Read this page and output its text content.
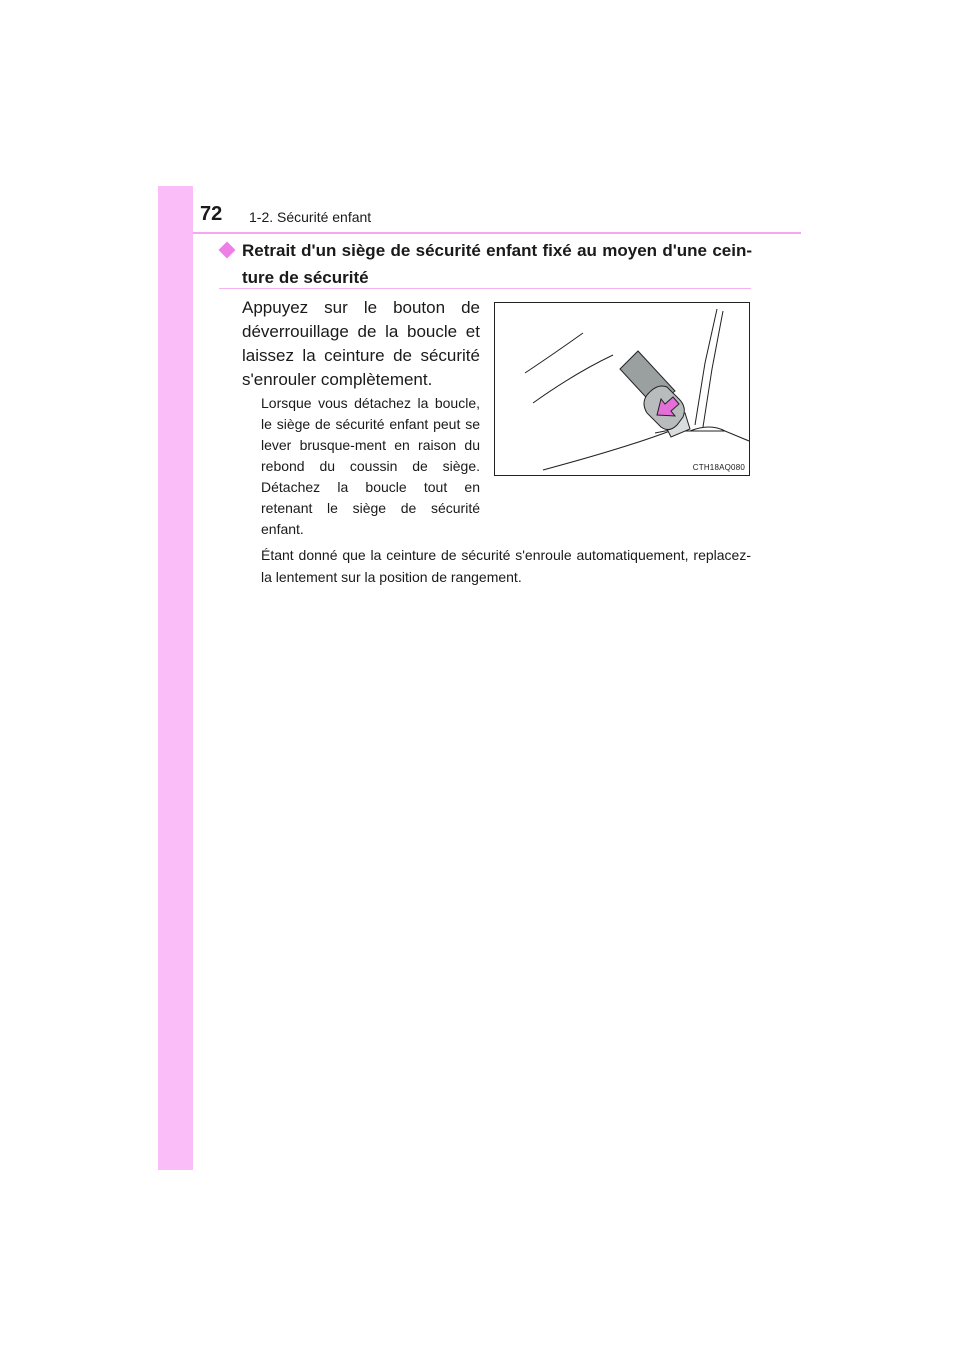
72 1-2. Sécurité enfant
Retrait d'un siège de sécurité enfant fixé au moyen d'une cein-ture de sécurité
Appuyez sur le bouton de déverrouillage de la boucle et laissez la ceinture de sécurité s'enrouler complètement.
Lorsque vous détachez la boucle, le siège de sécurité enfant peut se lever brusque-ment en raison du rebond du coussin de siège. Détachez la boucle tout en retenant le siège de sécurité enfant.
Étant donné que la ceinture de sécurité s'enroule automatiquement, replacez-la lentement sur la position de rangement.
CTH18AQ080
